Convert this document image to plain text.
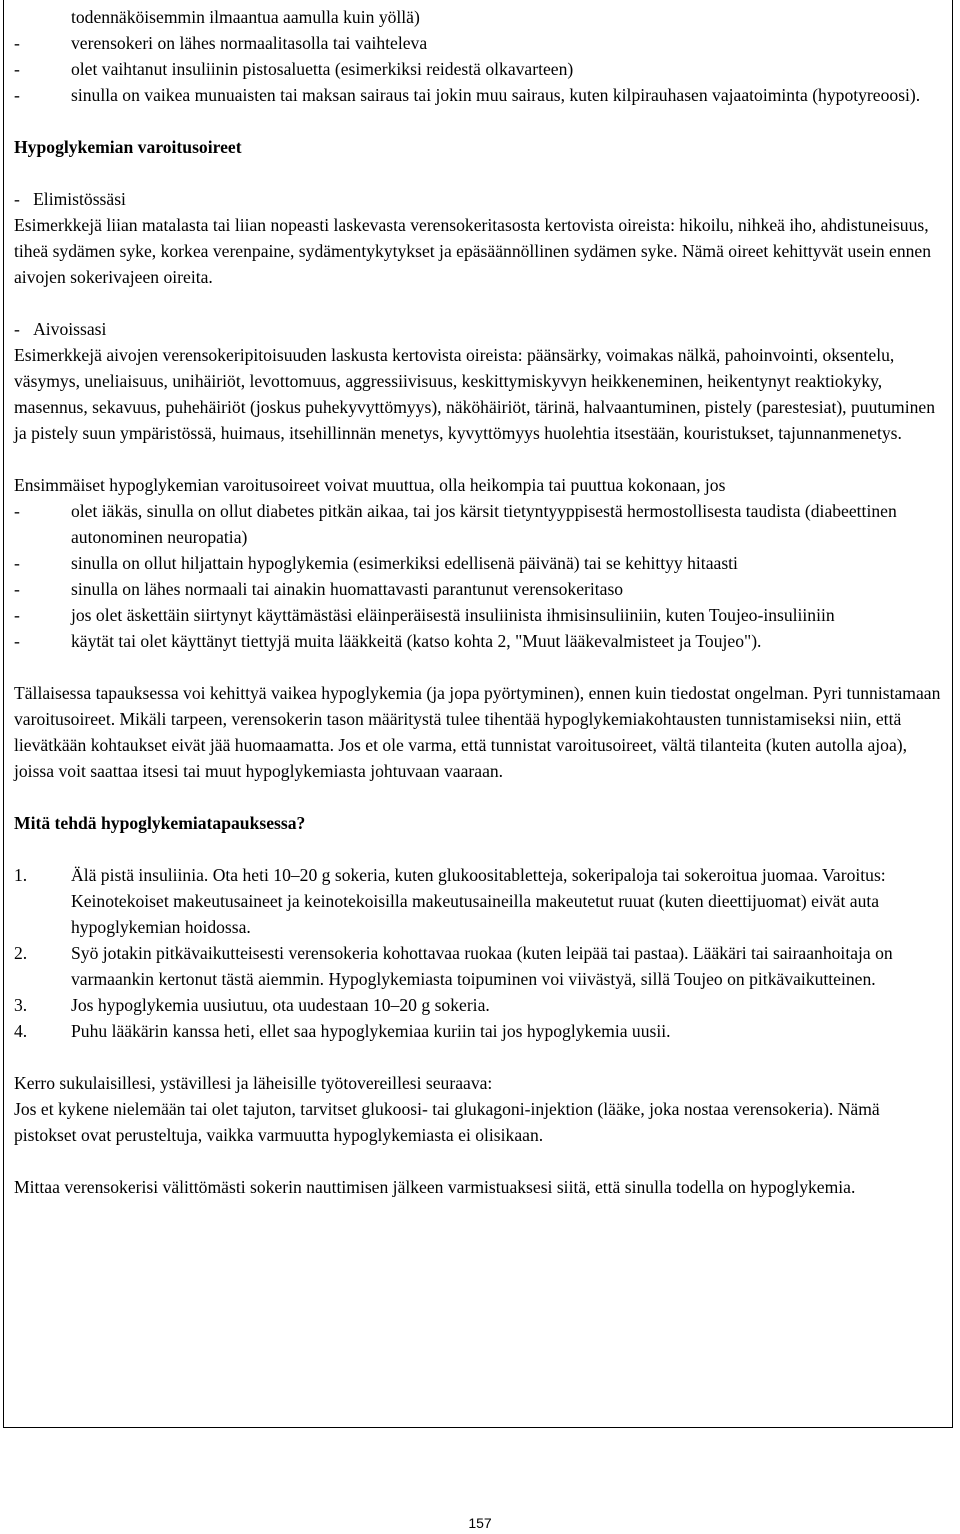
todennäköisemmin ilmaantua aamulla kuin yöllä)

-	verensokeri on lähes normaalitasolla tai vaihteleva
-	olet vaihtanut insuliinin pistosaluetta (esimerkiksi reidestä olkavarteen)
-	sinulla on vaikea munuaisten tai maksan sairaus tai jokin muu sairaus, kuten kilpirauhasen vajaatoiminta (hypotyreoosi).

Hypoglykemian varoitusoireet

- Elimistössäsi

Esimerkkejä liian matalasta tai liian nopeasti laskevasta verensokeritasosta kertovista oireista: hikoilu, nihkeä iho, ahdistuneisuus, tiheä sydämen syke, korkea verenpaine, sydämentykytykset ja epäsäännöllinen sydämen syke. Nämä oireet kehittyvät usein ennen aivojen sokerivajeen oireita.

- Aivoissasi

Esimerkkejä aivojen verensokeripitoisuuden laskusta kertovista oireista: päänsärky, voimakas nälkä, pahoinvointi, oksentelu, väsymys, uneliaisuus, unihäiriöt, levottomuus, aggressiivisuus, keskittymiskyvyn heikkeneminen, heikentynyt reaktiokyky, masennus, sekavuus, puhehäiriöt (joskus puhekyvyttömyys), näköhäiriöt, tärinä, halvaantuminen, pistely (parestesiat), puutuminen ja pistely suun ympäristössä, huimaus, itsehillinnän menetys, kyvyttömyys huolehtia itsestään, kouristukset, tajunnanmenetys.

Ensimmäiset hypoglykemian varoitusoireet voivat muuttua, olla heikompia tai puuttua kokonaan, jos

-	olet iäkäs, sinulla on ollut diabetes pitkän aikaa, tai jos kärsit tietyntyyppisestä hermostollisesta taudista (diabeettinen autonominen neuropatia)
-	sinulla on ollut hiljattain hypoglykemia (esimerkiksi edellisenä päivänä) tai se kehittyy hitaasti
-	sinulla on lähes normaali tai ainakin huomattavasti parantunut verensokeritaso
-	jos olet äskettäin siirtynyt käyttämästäsi eläinperäisestä insuliinista ihmisinsuliiniin, kuten Toujeo-insuliiniin
-	käytät tai olet käyttänyt tiettyjä muita lääkkeitä (katso kohta 2, "Muut lääkevalmisteet ja Toujeo").

Tällaisessa tapauksessa voi kehittyä vaikea hypoglykemia (ja jopa pyörtyminen), ennen kuin tiedostat ongelman. Pyri tunnistamaan varoitusoireet. Mikäli tarpeen, verensokerin tason määritystä tulee tihentää hypoglykemiakohtausten tunnistamiseksi niin, että lievätkään kohtaukset eivät jää huomaamatta. Jos et ole varma, että tunnistat varoitusoireet, vältä tilanteita (kuten autolla ajoa), joissa voit saattaa itsesi tai muut hypoglykemiasta johtuvaan vaaraan.

Mitä tehdä hypoglykemiatapauksessa?

1.	Älä pistä insuliinia. Ota heti 10–20 g sokeria, kuten glukoositabletteja, sokeripaloja tai sokeroitua juomaa. Varoitus: Keinotekoiset makeutusaineet ja keinotekoisilla makeutusaineilla makeutetut ruuat (kuten dieettijuomat) eivät auta hypoglykemian hoidossa.
2.	Syö jotakin pitkävaikutteisesti verensokeria kohottavaa ruokaa (kuten leipää tai pastaa). Lääkäri tai sairaanhoitaja on varmaankin kertonut tästä aiemmin. Hypoglykemiasta toipuminen voi viivästyä, sillä Toujeo on pitkävaikutteinen.
3.	Jos hypoglykemia uusiutuu, ota uudestaan 10–20 g sokeria.
4.	Puhu lääkärin kanssa heti, ellet saa hypoglykemiaa kuriin tai jos hypoglykemia uusii.

Kerro sukulaisillesi, ystävillesi ja läheisille työtovereillesi seuraava:

Jos et kykene nielemään tai olet tajuton, tarvitset glukoosi- tai glukagoni-injektion (lääke, joka nostaa verensokeria). Nämä pistokset ovat perusteltuja, vaikka varmuutta hypoglykemiasta ei olisikaan.

Mittaa verensokerisi välittömästi sokerin nauttimisen jälkeen varmistuaksesi siitä, että sinulla todella on hypoglykemia.

157
